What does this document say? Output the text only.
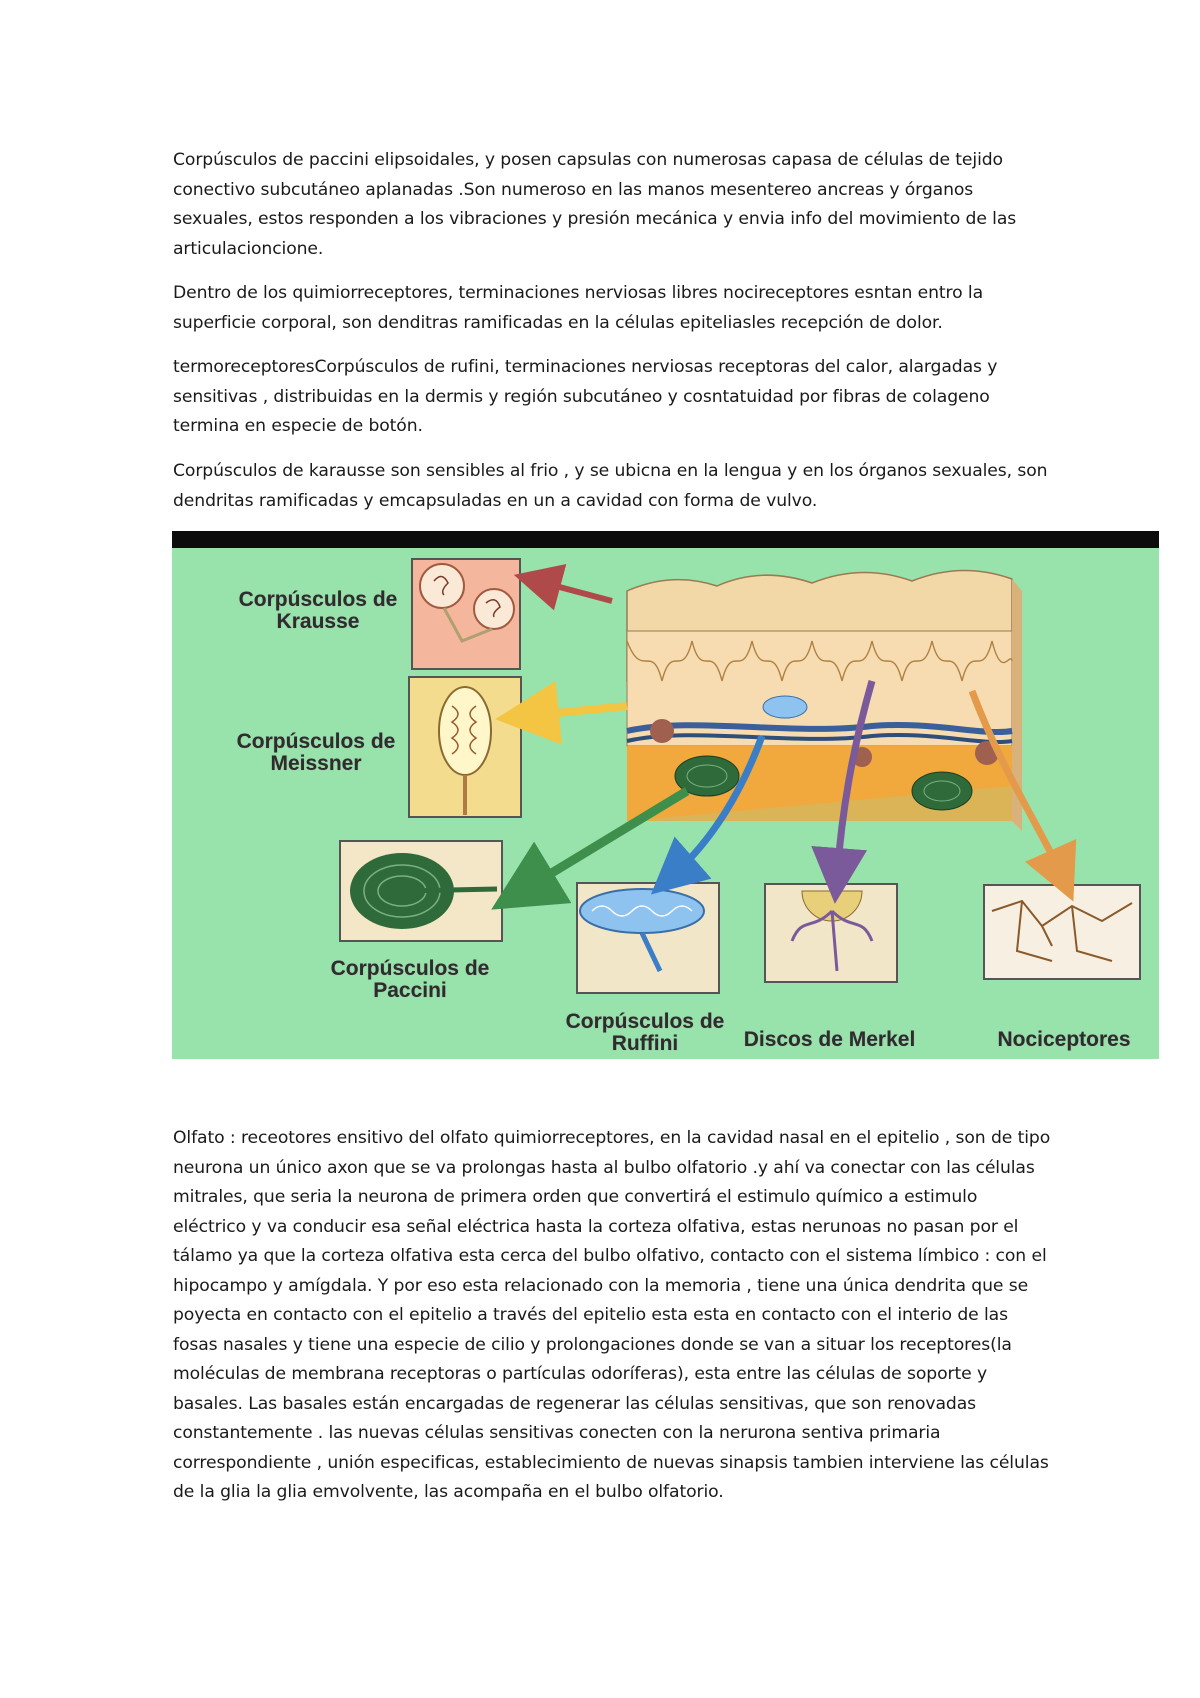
Corpúsculos de paccini elipsoidales, y posen capsulas con numerosas capasa de células de tejido conectivo subcutáneo aplanadas .Son numeroso en las manos mesentereo ancreas y órganos sexuales, estos responden a los vibraciones y presión mecánica y envia info del movimiento de las articulacioncione.

Dentro de los quimiorreceptores, terminaciones nerviosas libres nocireceptores esntan entro la superficie corporal, son denditras ramificadas en la células epiteliasles recepción de dolor.

termoreceptoresCorpúsculos de rufini, terminaciones nerviosas receptoras del calor, alargadas y sensitivas , distribuidas en la dermis y región subcutáneo y cosntatuidad por fibras de colageno termina en especie de botón.

Corpúsculos de karausse son sensibles al frio , y se ubicna en la lengua y en los órganos sexuales, son dendritas ramificadas y emcapsuladas en un a cavidad con forma de vulvo.

Corpúsculos de Krausse
Corpúsculos de Meissner
Corpúsculos de Paccini
Corpúsculos de Ruffini	Discos de Merkel	Nociceptores

Olfato : receotores ensitivo del olfato quimiorreceptores, en la cavidad nasal en el epitelio , son de tipo neurona un único axon que se va prolongas hasta al bulbo olfatorio .y ahí va conectar con las células mitrales, que seria la neurona de primera orden que convertirá el estimulo químico a estimulo eléctrico y va conducir esa señal eléctrica hasta la corteza olfativa, estas nerunoas no pasan por el tálamo ya que la corteza olfativa esta cerca del bulbo olfativo, contacto con el sistema límbico : con el hipocampo y amígdala. Y por eso esta relacionado con la memoria , tiene una única dendrita que se poyecta en contacto con el epitelio a través del epitelio esta esta en contacto con el interio de las fosas nasales y tiene una especie de cilio y prolongaciones donde se van a situar los receptores(la moléculas de membrana receptoras o partículas odoríferas), esta entre las células de soporte y basales. Las basales están encargadas de regenerar las células sensitivas, que son renovadas constantemente . las nuevas células sensitivas conecten con la nerurona sentiva primaria correspondiente , unión especificas, establecimiento de nuevas sinapsis tambien interviene las células de la glia la glia emvolvente, las acompaña en el bulbo olfatorio.
